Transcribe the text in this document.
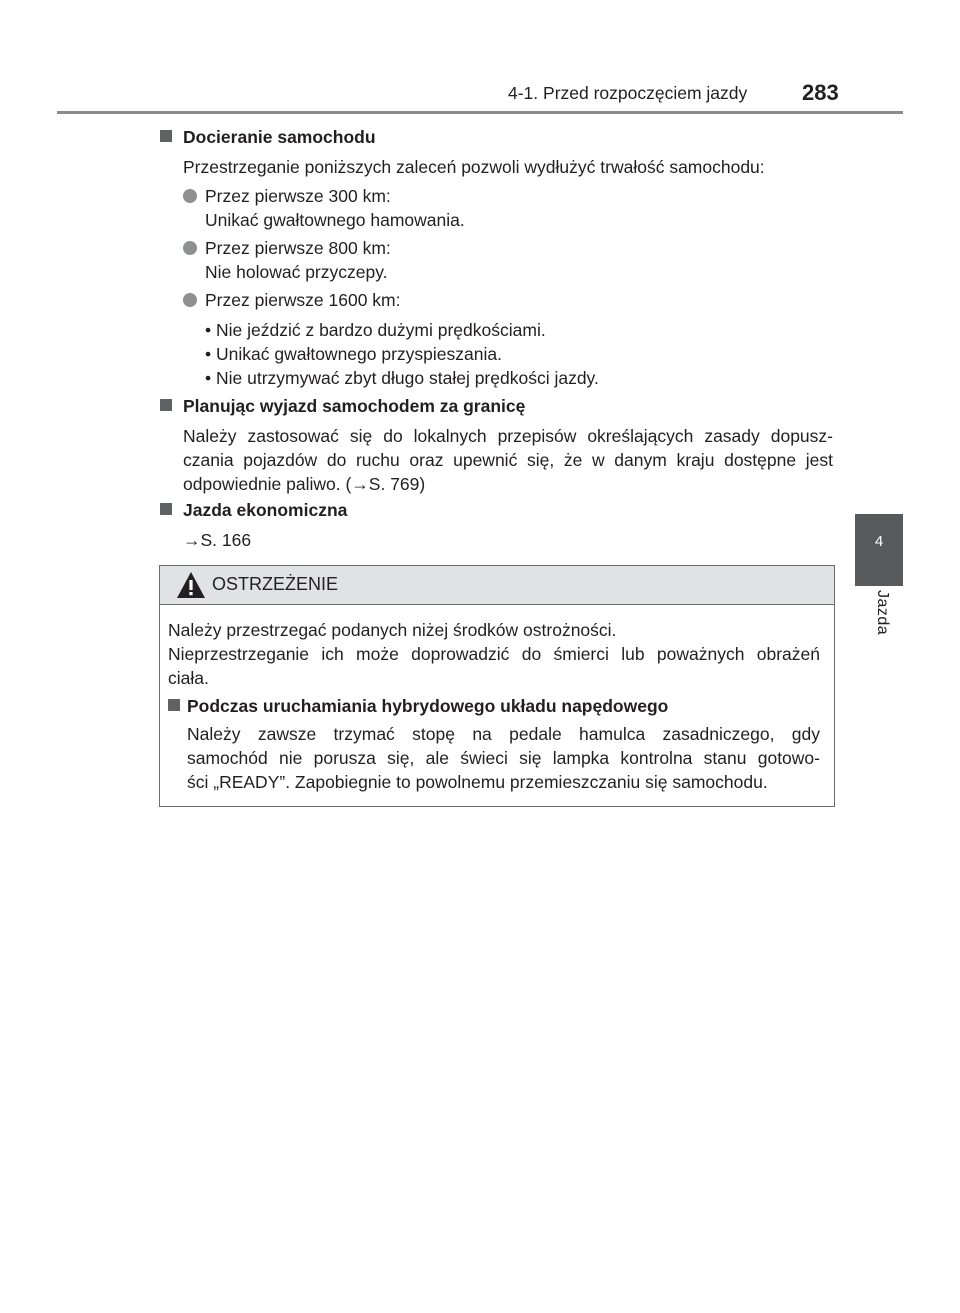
4-1. Przed rozpoczęciem jazdy 283
4
Jazda
Docieranie samochodu
Przestrzeganie poniższych zaleceń pozwoli wydłużyć trwałość samochodu:
Przez pierwsze 300 km:
Unikać gwałtownego hamowania.
Przez pierwsze 800 km:
Nie holować przyczepy.
Przez pierwsze 1600 km:
• Nie jeździć z bardzo dużymi prędkościami.
• Unikać gwałtownego przyspieszania.
• Nie utrzymywać zbyt długo stałej prędkości jazdy.
Planując wyjazd samochodem za granicę
Należy zastosować się do lokalnych przepisów określających zasady dopusz-
czania pojazdów do ruchu oraz upewnić się, że w danym kraju dostępne jest
odpowiednie paliwo. (→S. 769)
Jazda ekonomiczna
→S. 166
OSTRZEŻENIE
Należy przestrzegać podanych niżej środków ostrożności.
Nieprzestrzeganie ich może doprowadzić do śmierci lub poważnych obrażeń
ciała.
Podczas uruchamiania hybrydowego układu napędowego
Należy zawsze trzymać stopę na pedale hamulca zasadniczego, gdy
samochód nie porusza się, ale świeci się lampka kontrolna stanu gotowo-
ści „READY”. Zapobiegnie to powolnemu przemieszczaniu się samochodu.
